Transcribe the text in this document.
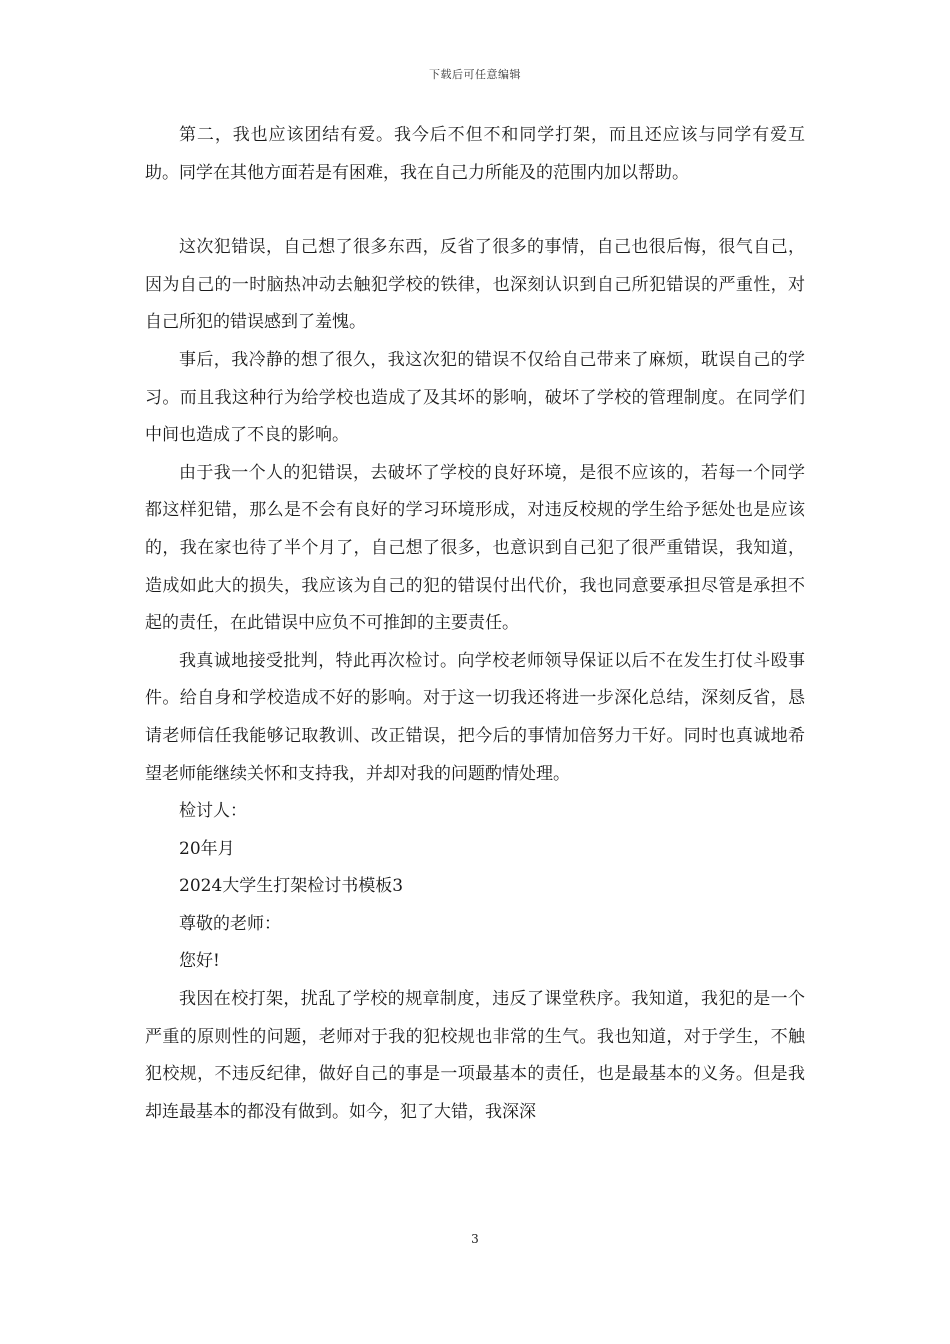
下载后可任意编辑

第二，我也应该团结有爱。我今后不但不和同学打架，而且还应该与同学有爱互助。同学在其他方面若是有困难，我在自己力所能及的范围内加以帮助。

这次犯错误，自己想了很多东西，反省了很多的事情，自己也很后悔，很气自己，因为自己的一时脑热冲动去触犯学校的铁律，也深刻认识到自己所犯错误的严重性，对自己所犯的错误感到了羞愧。

事后，我冷静的想了很久，我这次犯的错误不仅给自己带来了麻烦，耽误自己的学习。而且我这种行为给学校也造成了及其坏的影响，破坏了学校的管理制度。在同学们中间也造成了不良的影响。

由于我一个人的犯错误，去破坏了学校的良好环境，是很不应该的，若每一个同学都这样犯错，那么是不会有良好的学习环境形成，对违反校规的学生给予惩处也是应该的，我在家也待了半个月了，自己想了很多，也意识到自己犯了很严重错误，我知道，造成如此大的损失，我应该为自己的犯的错误付出代价，我也同意要承担尽管是承担不起的责任，在此错误中应负不可推卸的主要责任。

我真诚地接受批判，特此再次检讨。向学校老师领导保证以后不在发生打仗斗殴事件。给自身和学校造成不好的影响。对于这一切我还将进一步深化总结，深刻反省，恳请老师信任我能够记取教训、改正错误，把今后的事情加倍努力干好。同时也真诚地希望老师能继续关怀和支持我，并却对我的问题酌情处理。

检讨人：

20年月

2024大学生打架检讨书模板3

尊敬的老师：

您好!

我因在校打架，扰乱了学校的规章制度，违反了课堂秩序。我知道，我犯的是一个严重的原则性的问题，老师对于我的犯校规也非常的生气。我也知道，对于学生，不触犯校规，不违反纪律，做好自己的事是一项最基本的责任，也是最基本的义务。但是我却连最基本的都没有做到。如今，犯了大错，我深深

3
